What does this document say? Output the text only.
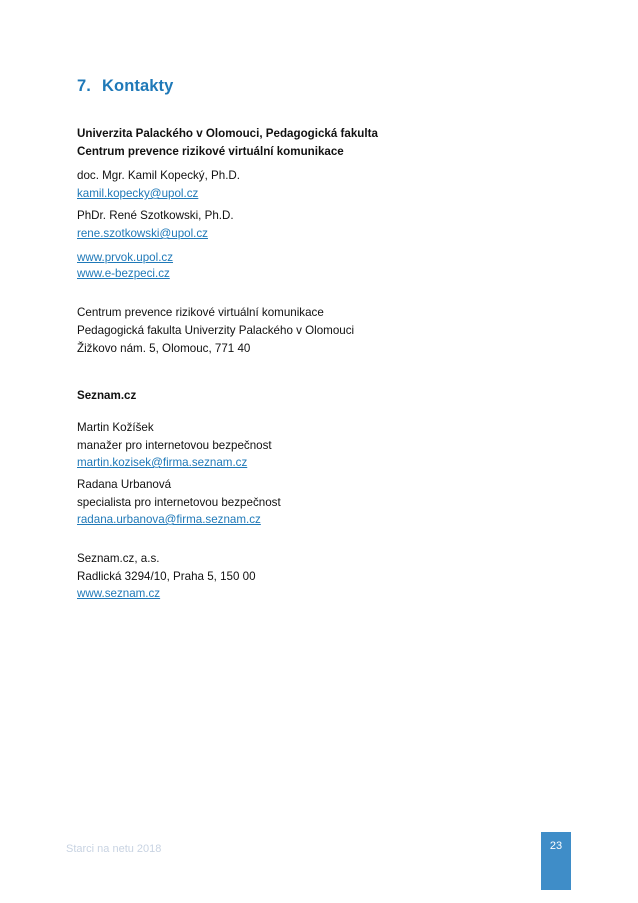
7. Kontakty

Univerzita Palackého v Olomouci, Pedagogická fakulta

Centrum prevence rizikové virtuální komunikace

doc. Mgr. Kamil Kopecký, Ph.D.

kamil.kopecky@upol.cz

PhDr. René Szotkowski, Ph.D.

rene.szotkowski@upol.cz

www.prvok.upol.cz

www.e-bezpeci.cz

Centrum prevence rizikové virtuální komunikace

Pedagogická fakulta Univerzity Palackého v Olomouci

Žižkovo nám. 5, Olomouc, 771 40

Seznam.cz

Martin Kožíšek

manažer pro internetovou bezpečnost

martin.kozisek@firma.seznam.cz

Radana Urbanová

specialista pro internetovou bezpečnost

radana.urbanova@firma.seznam.cz

Seznam.cz, a.s.

Radlická 3294/10, Praha 5, 150 00

www.seznam.cz

Starci na netu 2018	23
